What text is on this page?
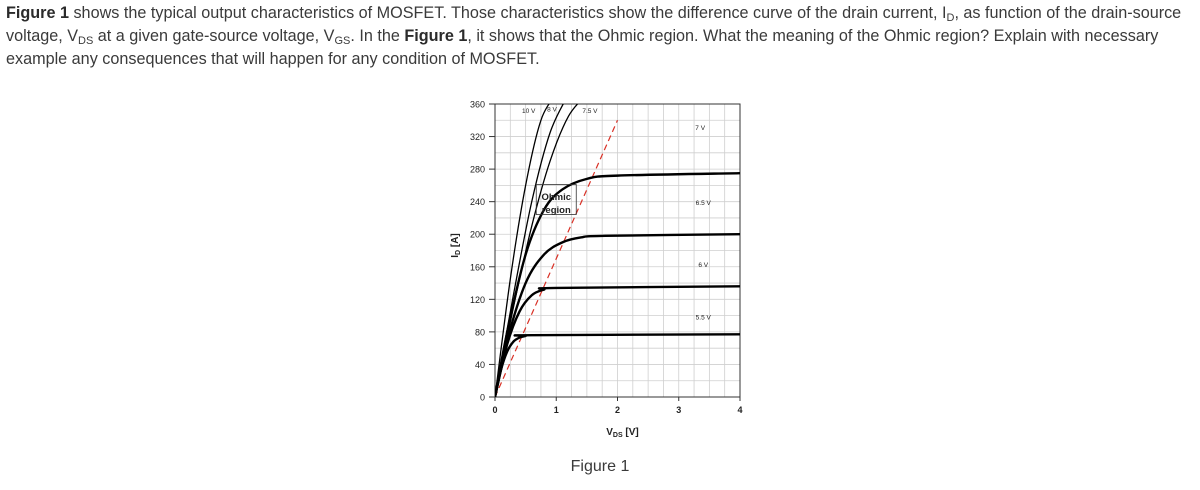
Figure 1 shows the typical output characteristics of MOSFET. Those characteristics show the difference curve of the drain current, $I_D$, as function of the drain-source voltage, $V_{DS}$ at a given gate-source voltage, $V_{GS}$. In the Figure 1, it shows that the Ohmic region. What the meaning of the Ohmic region? Explain with necessary example any consequences that will happen for any condition of MOSFET.
0
40
80
120
160
200
240
280
320
360
0	1	2	3	4
$V_{DS}$ [V]
$I_D$ [A]
10 V 8 V	7.5 V
7 V
6.5 V
6 V
5.5 V
Ohmic
region
Figure 1
